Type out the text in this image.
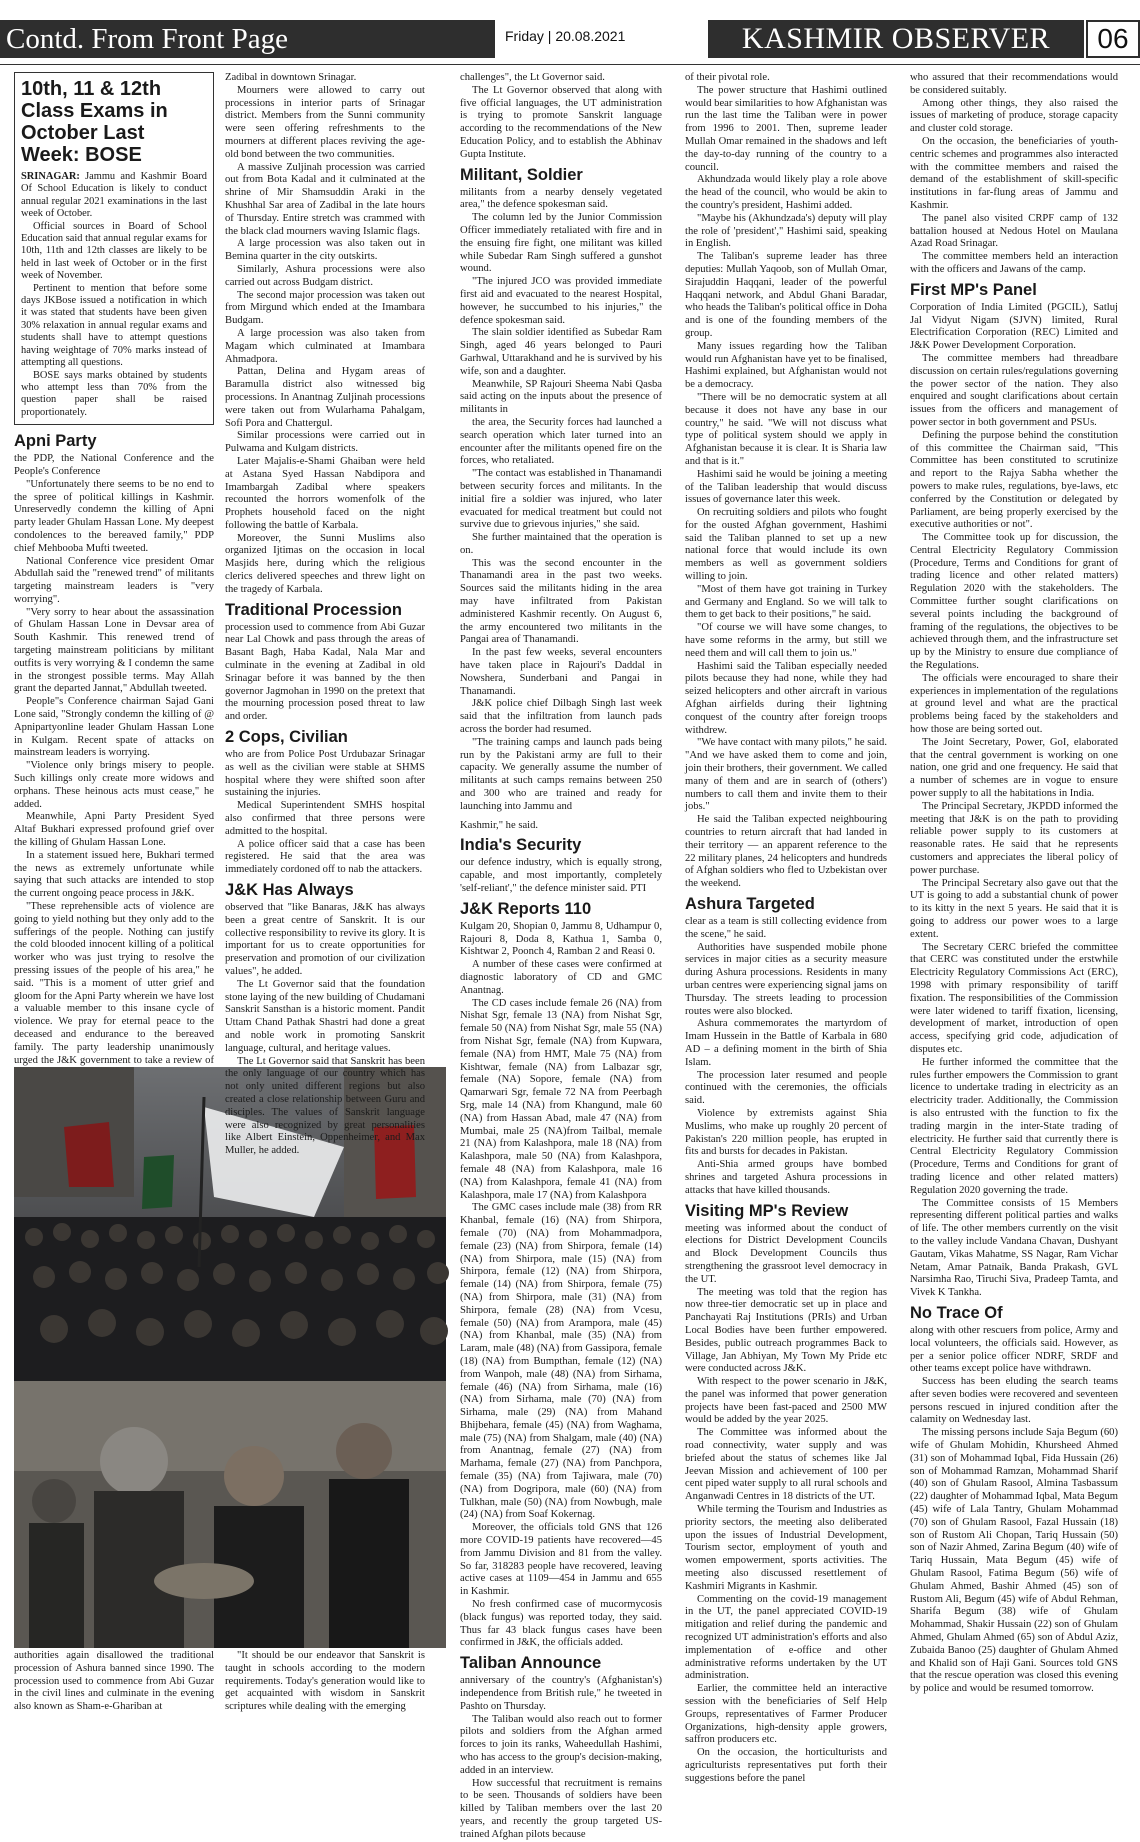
Contd. From Front Page	Friday | 20.08.2021	KASHMIR OBSERVER	06
10th, 11 & 12th Class Exams in October Last Week: BOSE

SRINAGAR: Jammu and Kashmir Board Of School Education is likely to conduct annual regular 2021 examinations in the last week of October.

Official sources in Board of School Education said that annual regular exams for 10th, 11th and 12th classes are likely to be held in last week of October or in the first week of November.

Pertinent to mention that before some days JKBose issued a notification in which it was stated that students have been given 30% relaxation in annual regular exams and students shall have to attempt questions having weightage of 70% marks instead of attempting all questions.

BOSE says marks obtained by students who attempt less than 70% from the question paper shall be raised proportionately.

Apni Party

the PDP, the National Conference and the People's Conference

"Unfortunately there seems to be no end to the spree of political killings in Kashmir. Unreservedly condemn the killing of Apni party leader Ghulam Hassan Lone. My deepest condolences to the bereaved family," PDP chief Mehbooba Mufti tweeted.

National Conference vice president Omar Abdullah said the "renewed trend" of militants targeting mainstream leaders is "very worrying".

"Very sorry to hear about the assassination of Ghulam Hassan Lone in Devsar area of South Kashmir. This renewed trend of targeting mainstream politicians by militant outfits is very worrying & I condemn the same in the strongest possible terms. May Allah grant the departed Jannat," Abdullah tweeted.

People"s Conference chairman Sajad Gani Lone said, "Strongly condemn the killing of @ Apnipartyonline leader Ghulam Hassan Lone in Kulgam. Recent spate of attacks on mainstream leaders is worrying.

"Violence only brings misery to people. Such killings only create more widows and orphans. These heinous acts must cease," he added.

Meanwhile, Apni Party President Syed Altaf Bukhari expressed profound grief over the killing of Ghulam Hassan Lone.

In a statement issued here, Bukhari termed the news as extremely unfortunate while saying that such attacks are intended to stop the current ongoing peace process in J&K.

"These reprehensible acts of violence are going to yield nothing but they only add to the sufferings of the people. Nothing can justify the cold blooded innocent killing of a political worker who was just trying to resolve the pressing issues of the people of his area," he said. "This is a moment of utter grief and gloom for the Apni Party wherein we have lost a valuable member to this insane cycle of violence. We pray for eternal peace to the deceased and endurance to the bereaved family. The party leadership unanimously urged the J&K government to take a review of

authorities again disallowed the traditional procession of Ashura banned since 1990. The procession used to commence from Abi Guzar in the civil lines and culminate in the evening also known as Sham-e-Ghariban at

Zadibal in downtown Srinagar.

Mourners were allowed to carry out processions in interior parts of Srinagar district. Members from the Sunni community were seen offering refreshments to the mourners at different places reviving the age-old bond between the two communities.

A massive Zuljinah procession was carried out from Bota Kadal and it culminated at the shrine of Mir Shamsuddin Araki in the Khushhal Sar area of Zadibal in the late hours of Thursday. Entire stretch was crammed with the black clad mourners waving Islamic flags.

A large procession was also taken out in Bemina quarter in the city outskirts.

Similarly, Ashura processions were also carried out across Budgam district.

The second major procession was taken out from Mirgund which ended at the Imambara Budgam.

A large procession was also taken from Magam which culminated at Imambara Ahmadpora.

Pattan, Delina and Hygam areas of Baramulla district also witnessed big processions. In Anantnag Zuljinah processions were taken out from Wularhama Pahalgam, Sofi Pora and Chattergul.

Similar processions were carried out in Pulwama and Kulgam districts.

Later Majalis-e-Shami Ghaiban were held at Astana Syed Hassan Nabdipora and Imambargah Zadibal where speakers recounted the horrors womenfolk of the Prophets household faced on the night following the battle of Karbala.

Moreover, the Sunni Muslims also organized Ijtimas on the occasion in local Masjids here, during which the religious clerics delivered speeches and threw light on the tragedy of Karbala.

Traditional Procession

procession used to commence from Abi Guzar near Lal Chowk and pass through the areas of Basant Bagh, Haba Kadal, Nala Mar and culminate in the evening at Zadibal in old Srinagar before it was banned by the then governor Jagmohan in 1990 on the pretext that the mourning procession posed threat to law and order.

2 Cops, Civilian

who are from Police Post Urdubazar Srinagar as well as the civilian were stable at SHMS hospital where they were shifted soon after sustaining the injuries.

Medical Superintendent SMHS hospital also confirmed that three persons were admitted to the hospital.

A police officer said that a case has been registered. He said that the area was immediately cordoned off to nab the attackers.

J&K Has Always

observed that "like Banaras, J&K has always been a great centre of Sanskrit. It is our collective responsibility to revive its glory. It is important for us to create opportunities for preservation and promotion of our civilization values", he added.

The Lt Governor said that the foundation stone laying of the new building of Chudamani Sanskrit Sansthan is a historic moment. Pandit Uttam Chand Pathak Shastri had done a great and noble work in promoting Sanskrit language, cultural, and heritage values.

The Lt Governor said that Sanskrit has been the only language of our country which has not only united different regions but also created a close relationship between Guru and disciples. The values of Sanskrit language were also recognized by great personalities like Albert Einstein, Oppenheimer, and Max Muller, he added.

"It should be our endeavor that Sanskrit is taught in schools according to the modern requirements. Today's generation would like to get acquainted with wisdom in Sanskrit scriptures while dealing with the emerging

challenges", the Lt Governor said.

The Lt Governor observed that along with five official languages, the UT administration is trying to promote Sanskrit language according to the recommendations of the New Education Policy, and to establish the Abhinav Gupta Institute.

Militant, Soldier

militants from a nearby densely vegetated area," the defence spokesman said.

The column led by the Junior Commission Officer immediately retaliated with fire and in the ensuing fire fight, one militant was killed while Subedar Ram Singh suffered a gunshot wound.

"The injured JCO was provided immediate first aid and evacuated to the nearest Hospital, however, he succumbed to his injuries," the defence spokesman said.

The slain soldier identified as Subedar Ram Singh, aged 46 years belonged to Pauri Garhwal, Uttarakhand and he is survived by his wife, son and a daughter.

Meanwhile, SP Rajouri Sheema Nabi Qasba said acting on the inputs about the presence of militants in

the area, the Security forces had launched a search operation which later turned into an encounter after the militants opened fire on the forces, who retaliated.

"The contact was established in Thanamandi between security forces and militants. In the initial fire a soldier was injured, who later evacuated for medical treatment but could not survive due to grievous injuries," she said.

She further maintained that the operation is on.

This was the second encounter in the Thanamandi area in the past two weeks. Sources said the militants hiding in the area may have infiltrated from Pakistan administered Kashmir recently. On August 6, the army encountered two militants in the Pangai area of Thanamandi.

In the past few weeks, several encounters have taken place in Rajouri's Daddal in Nowshera, Sunderbani and Pangai in Thanamandi.

J&K police chief Dilbagh Singh last week said that the infiltration from launch pads across the border had resumed.

"The training camps and launch pads being run by the Pakistani army are full to their capacity. We generally assume the number of militants at such camps remains between 250 and 300 who are trained and ready for launching into Jammu and

Kashmir," he said.

India's Security

our defence industry, which is equally strong, capable, and most importantly, completely 'self-reliant'," the defence minister said. PTI

J&K Reports 110

Kulgam 20, Shopian 0, Jammu 8, Udhampur 0, Rajouri 8, Doda 8, Kathua 1, Samba 0, Kishtwar 2, Poonch 4, Ramban 2 and Reasi 0.

A number of these cases were confirmed at diagnostic laboratory of CD and GMC Anantnag.

The CD cases include female 26 (NA) from Nishat Sgr, female 13 (NA) from Nishat Sgr, female 50 (NA) from Nishat Sgr, male 55 (NA) from Nishat Sgr, female (NA) from Kupwara, female (NA) from HMT, Male 75 (NA) from Kishtwar, female (NA) from Lalbazar sgr, female (NA) Sopore, female (NA) from Qamarwari Sgr, female 72 NA from Peerbagh Srg, male 14 (NA) from Khangund, male 60 (NA) from Hassan Abad, male 47 (NA) from Mumbai, male 25 (NA)from Tailbal, memale 21 (NA) from Kalashpora, male 18 (NA) from Kalashpora, male 50 (NA) from Kalashpora, female 48 (NA) from Kalashpora, male 16 (NA) from Kalashpora, female 41 (NA) from Kalashpora, male 17 (NA) from Kalashpora

The GMC cases include male (38) from RR Khanbal, female (16) (NA) from Shirpora, female (70) (NA) from Mohammadpora, female (23) (NA) from Shirpora, female (14) (NA) from Shirpora, male (15) (NA) from Shirpora, female (12) (NA) from Shirpora, female (14) (NA) from Shirpora, female (75) (NA) from Shirpora, male (31) (NA) from Shirpora, female (28) (NA) from Vcesu, female (50) (NA) from Arampora, male (45) (NA) from Khanbal, male (35) (NA) from Laram, male (48) (NA) from Gassipora, female (18) (NA) from Bumpthan, female (12) (NA) from Wanpoh, male (48) (NA) from Sirhama, female (46) (NA) from Sirhama, male (16) (NA) from Sirhama, male (70) (NA) from Sirhama, male (29) (NA) from Mahand Bhijbehara, female (45) (NA) from Waghama, male (75) (NA) from Shalgam, male (40) (NA) from Anantnag, female (27) (NA) from Marhama, female (27) (NA) from Panchpora, female (35) (NA) from Tajiwara, male (70) (NA) from Dogripora, male (60) (NA) from Tulkhan, male (50) (NA) from Nowbugh, male (24) (NA) from Soaf Kokernag.

Moreover, the officials told GNS that 126 more COVID-19 patients have recovered—45 from Jammu Division and 81 from the valley. So far, 318283 people have recovered, leaving active cases at 1109—454 in Jammu and 655 in Kashmir.

No fresh confirmed case of mucormycosis (black fungus) was reported today, they said. Thus far 43 black fungus cases have been confirmed in J&K, the officials added.

Taliban Announce

anniversary of the country's (Afghanistan's) independence from British rule," he tweeted in Pashto on Thursday.

The Taliban would also reach out to former pilots and soldiers from the Afghan armed forces to join its ranks, Waheedullah Hashimi, who has access to the group's decision-making, added in an interview.

How successful that recruitment is remains to be seen. Thousands of soldiers have been killed by Taliban members over the last 20 years, and recently the group targeted US-trained Afghan pilots because

of their pivotal role.

The power structure that Hashimi outlined would bear similarities to how Afghanistan was run the last time the Taliban were in power from 1996 to 2001. Then, supreme leader Mullah Omar remained in the shadows and left the day-to-day running of the country to a council.

Akhundzada would likely play a role above the head of the council, who would be akin to the country's president, Hashimi added.

"Maybe his (Akhundzada's) deputy will play the role of 'president'," Hashimi said, speaking in English.

The Taliban's supreme leader has three deputies: Mullah Yaqoob, son of Mullah Omar, Sirajuddin Haqqani, leader of the powerful Haqqani network, and Abdul Ghani Baradar, who heads the Taliban's political office in Doha and is one of the founding members of the group.

Many issues regarding how the Taliban would run Afghanistan have yet to be finalised, Hashimi explained, but Afghanistan would not be a democracy.

"There will be no democratic system at all because it does not have any base in our country," he said. "We will not discuss what type of political system should we apply in Afghanistan because it is clear. It is Sharia law and that is it."

Hashimi said he would be joining a meeting of the Taliban leadership that would discuss issues of governance later this week.

On recruiting soldiers and pilots who fought for the ousted Afghan government, Hashimi said the Taliban planned to set up a new national force that would include its own members as well as government soldiers willing to join.

"Most of them have got training in Turkey and Germany and England. So we will talk to them to get back to their positions," he said.

"Of course we will have some changes, to have some reforms in the army, but still we need them and will call them to join us."

Hashimi said the Taliban especially needed pilots because they had none, while they had seized helicopters and other aircraft in various Afghan airfields during their lightning conquest of the country after foreign troops withdrew.

"We have contact with many pilots," he said. "And we have asked them to come and join, join their brothers, their government. We called many of them and are in search of (others') numbers to call them and invite them to their jobs."

He said the Taliban expected neighbouring countries to return aircraft that had landed in their territory — an apparent reference to the 22 military planes, 24 helicopters and hundreds of Afghan soldiers who fled to Uzbekistan over the weekend.

Ashura Targeted

clear as a team is still collecting evidence from the scene," he said.

Authorities have suspended mobile phone services in major cities as a security measure during Ashura processions. Residents in many urban centres were experiencing signal jams on Thursday. The streets leading to procession routes were also blocked.

Ashura commemorates the martyrdom of Imam Hussein in the Battle of Karbala in 680 AD – a defining moment in the birth of Shia Islam.

The procession later resumed and people continued with the ceremonies, the officials said.

Violence by extremists against Shia Muslims, who make up roughly 20 percent of Pakistan's 220 million people, has erupted in fits and bursts for decades in Pakistan.

Anti-Shia armed groups have bombed shrines and targeted Ashura processions in attacks that have killed thousands.

Visiting MP's Review

meeting was informed about the conduct of elections for District Development Councils and Block Development Councils thus strengthening the grassroot level democracy in the UT.

The meeting was told that the region has now three-tier democratic set up in place and Panchayati Raj Institutions (PRIs) and Urban Local Bodies have been further empowered. Besides, public outreach programmes Back to Village, Jan Abhiyan, My Town My Pride etc were conducted across J&K.

With respect to the power scenario in J&K, the panel was informed that power generation projects have been fast-paced and 2500 MW would be added by the year 2025.

The Committee was informed about the road connectivity, water supply and was briefed about the status of schemes like Jal Jeevan Mission and achievement of 100 per cent piped water supply to all rural schools and Anganwadi Centres in 18 districts of the UT.

While terming the Tourism and Industries as priority sectors, the meeting also deliberated upon the issues of Industrial Development, Tourism sector, employment of youth and women empowerment, sports activities. The meeting also discussed resettlement of Kashmiri Migrants in Kashmir.

Commenting on the covid-19 management in the UT, the panel appreciated COVID-19 mitigation and relief during the pandemic and recognized UT administration's efforts and also implementation of e-office and other administrative reforms undertaken by the UT administration.

Earlier, the committee held an interactive session with the beneficiaries of Self Help Groups, representatives of Farmer Producer Organizations, high-density apple growers, saffron producers etc.

On the occasion, the horticulturists and agriculturists representatives put forth their suggestions before the panel

who assured that their recommendations would be considered suitably.

Among other things, they also raised the issues of marketing of produce, storage capacity and cluster cold storage.

On the occasion, the beneficiaries of youth-centric schemes and programmes also interacted with the committee members and raised the demand of the establishment of skill-specific institutions in far-flung areas of Jammu and Kashmir.

The panel also visited CRPF camp of 132 battalion housed at Nedous Hotel on Maulana Azad Road Srinagar.

The committee members held an interaction with the officers and Jawans of the camp.

First MP's Panel

Corporation of India Limited (PGCIL), Satluj Jal Vidyut Nigam (SJVN) limited, Rural Electrification Corporation (REC) Limited and J&K Power Development Corporation.

The committee members had threadbare discussion on certain rules/regulations governing the power sector of the nation. They also enquired and sought clarifications about certain issues from the officers and management of power sector in both government and PSUs.

Defining the purpose behind the constitution of this committee the Chairman said, "This Committee has been constituted to scrutinize and report to the Rajya Sabha whether the powers to make rules, regulations, bye-laws, etc conferred by the Constitution or delegated by Parliament, are being properly exercised by the executive authorities or not".

The Committee took up for discussion, the Central Electricity Regulatory Commission (Procedure, Terms and Conditions for grant of trading licence and other related matters) Regulation 2020 with the stakeholders. The Committee further sought clarifications on several points including the background of framing of the regulations, the objectives to be achieved through them, and the infrastructure set up by the Ministry to ensure due compliance of the Regulations.

The officials were encouraged to share their experiences in implementation of the regulations at ground level and what are the practical problems being faced by the stakeholders and how those are being sorted out.

The Joint Secretary, Power, GoI, elaborated that the central government is working on one nation, one grid and one frequency. He said that a number of schemes are in vogue to ensure power supply to all the habitations in India.

The Principal Secretary, JKPDD informed the meeting that J&K is on the path to providing reliable power supply to its customers at reasonable rates. He said that he represents customers and appreciates the liberal policy of power purchase.

The Principal Secretary also gave out that the UT is going to add a substantial chunk of power to its kitty in the next 5 years. He said that it is going to address our power woes to a large extent.

The Secretary CERC briefed the committee that CERC was constituted under the erstwhile Electricity Regulatory Commissions Act (ERC), 1998 with primary responsibility of tariff fixation. The responsibilities of the Commission were later widened to tariff fixation, licensing, development of market, introduction of open access, specifying grid code, adjudication of disputes etc.

He further informed the committee that the rules further empowers the Commission to grant licence to undertake trading in electricity as an electricity trader. Additionally, the Commission is also entrusted with the function to fix the trading margin in the inter-State trading of electricity. He further said that currently there is Central Electricity Regulatory Commission (Procedure, Terms and Conditions for grant of trading licence and other related matters) Regulation 2020 governing the trade.

The Committee consists of 15 Members representing different political parties and walks of life. The other members currently on the visit to the valley include Vandana Chavan, Dushyant Gautam, Vikas Mahatme, SS Nagar, Ram Vichar Netam, Amar Patnaik, Banda Prakash, GVL Narsimha Rao, Tiruchi Siva, Pradeep Tamta, and Vivek K Tankha.

No Trace Of

along with other rescuers from police, Army and local volunteers, the officials said. However, as per a senior police officer NDRF, SRDF and other teams except police have withdrawn.

Success has been eluding the search teams after seven bodies were recovered and seventeen persons rescued in injured condition after the calamity on Wednesday last.

The missing persons include Saja Begum (60) wife of Ghulam Mohidin, Khursheed Ahmed (31) son of Mohammad Iqbal, Fida Hussain (26) son of Mohammad Ramzan, Mohammad Sharif (40) son of Ghulam Rasool, Almina Tasbassum (22) daughter of Mohammad Iqbal, Mata Begum (45) wife of Lala Tantry, Ghulam Mohammad (70) son of Ghulam Rasool, Fazal Hussain (18) son of Rustom Ali Chopan, Tariq Hussain (50) son of Nazir Ahmed, Zarina Begum (40) wife of Tariq Hussain, Mata Begum (45) wife of Ghulam Rasool, Fatima Begum (56) wife of Ghulam Ahmed, Bashir Ahmed (45) son of Rustom Ali, Begum (45) wife of Abdul Rehman, Sharifa Begum (38) wife of Ghulam Mohammad, Shakir Hussain (22) son of Ghulam Ahmed, Ghulam Ahmed (65) son of Abdul Aziz, Zubaida Banoo (25) daughter of Ghulam Ahmed and Khalid son of Haji Gani. Sources told GNS that the rescue operation was closed this evening by police and would be resumed tomorrow.
